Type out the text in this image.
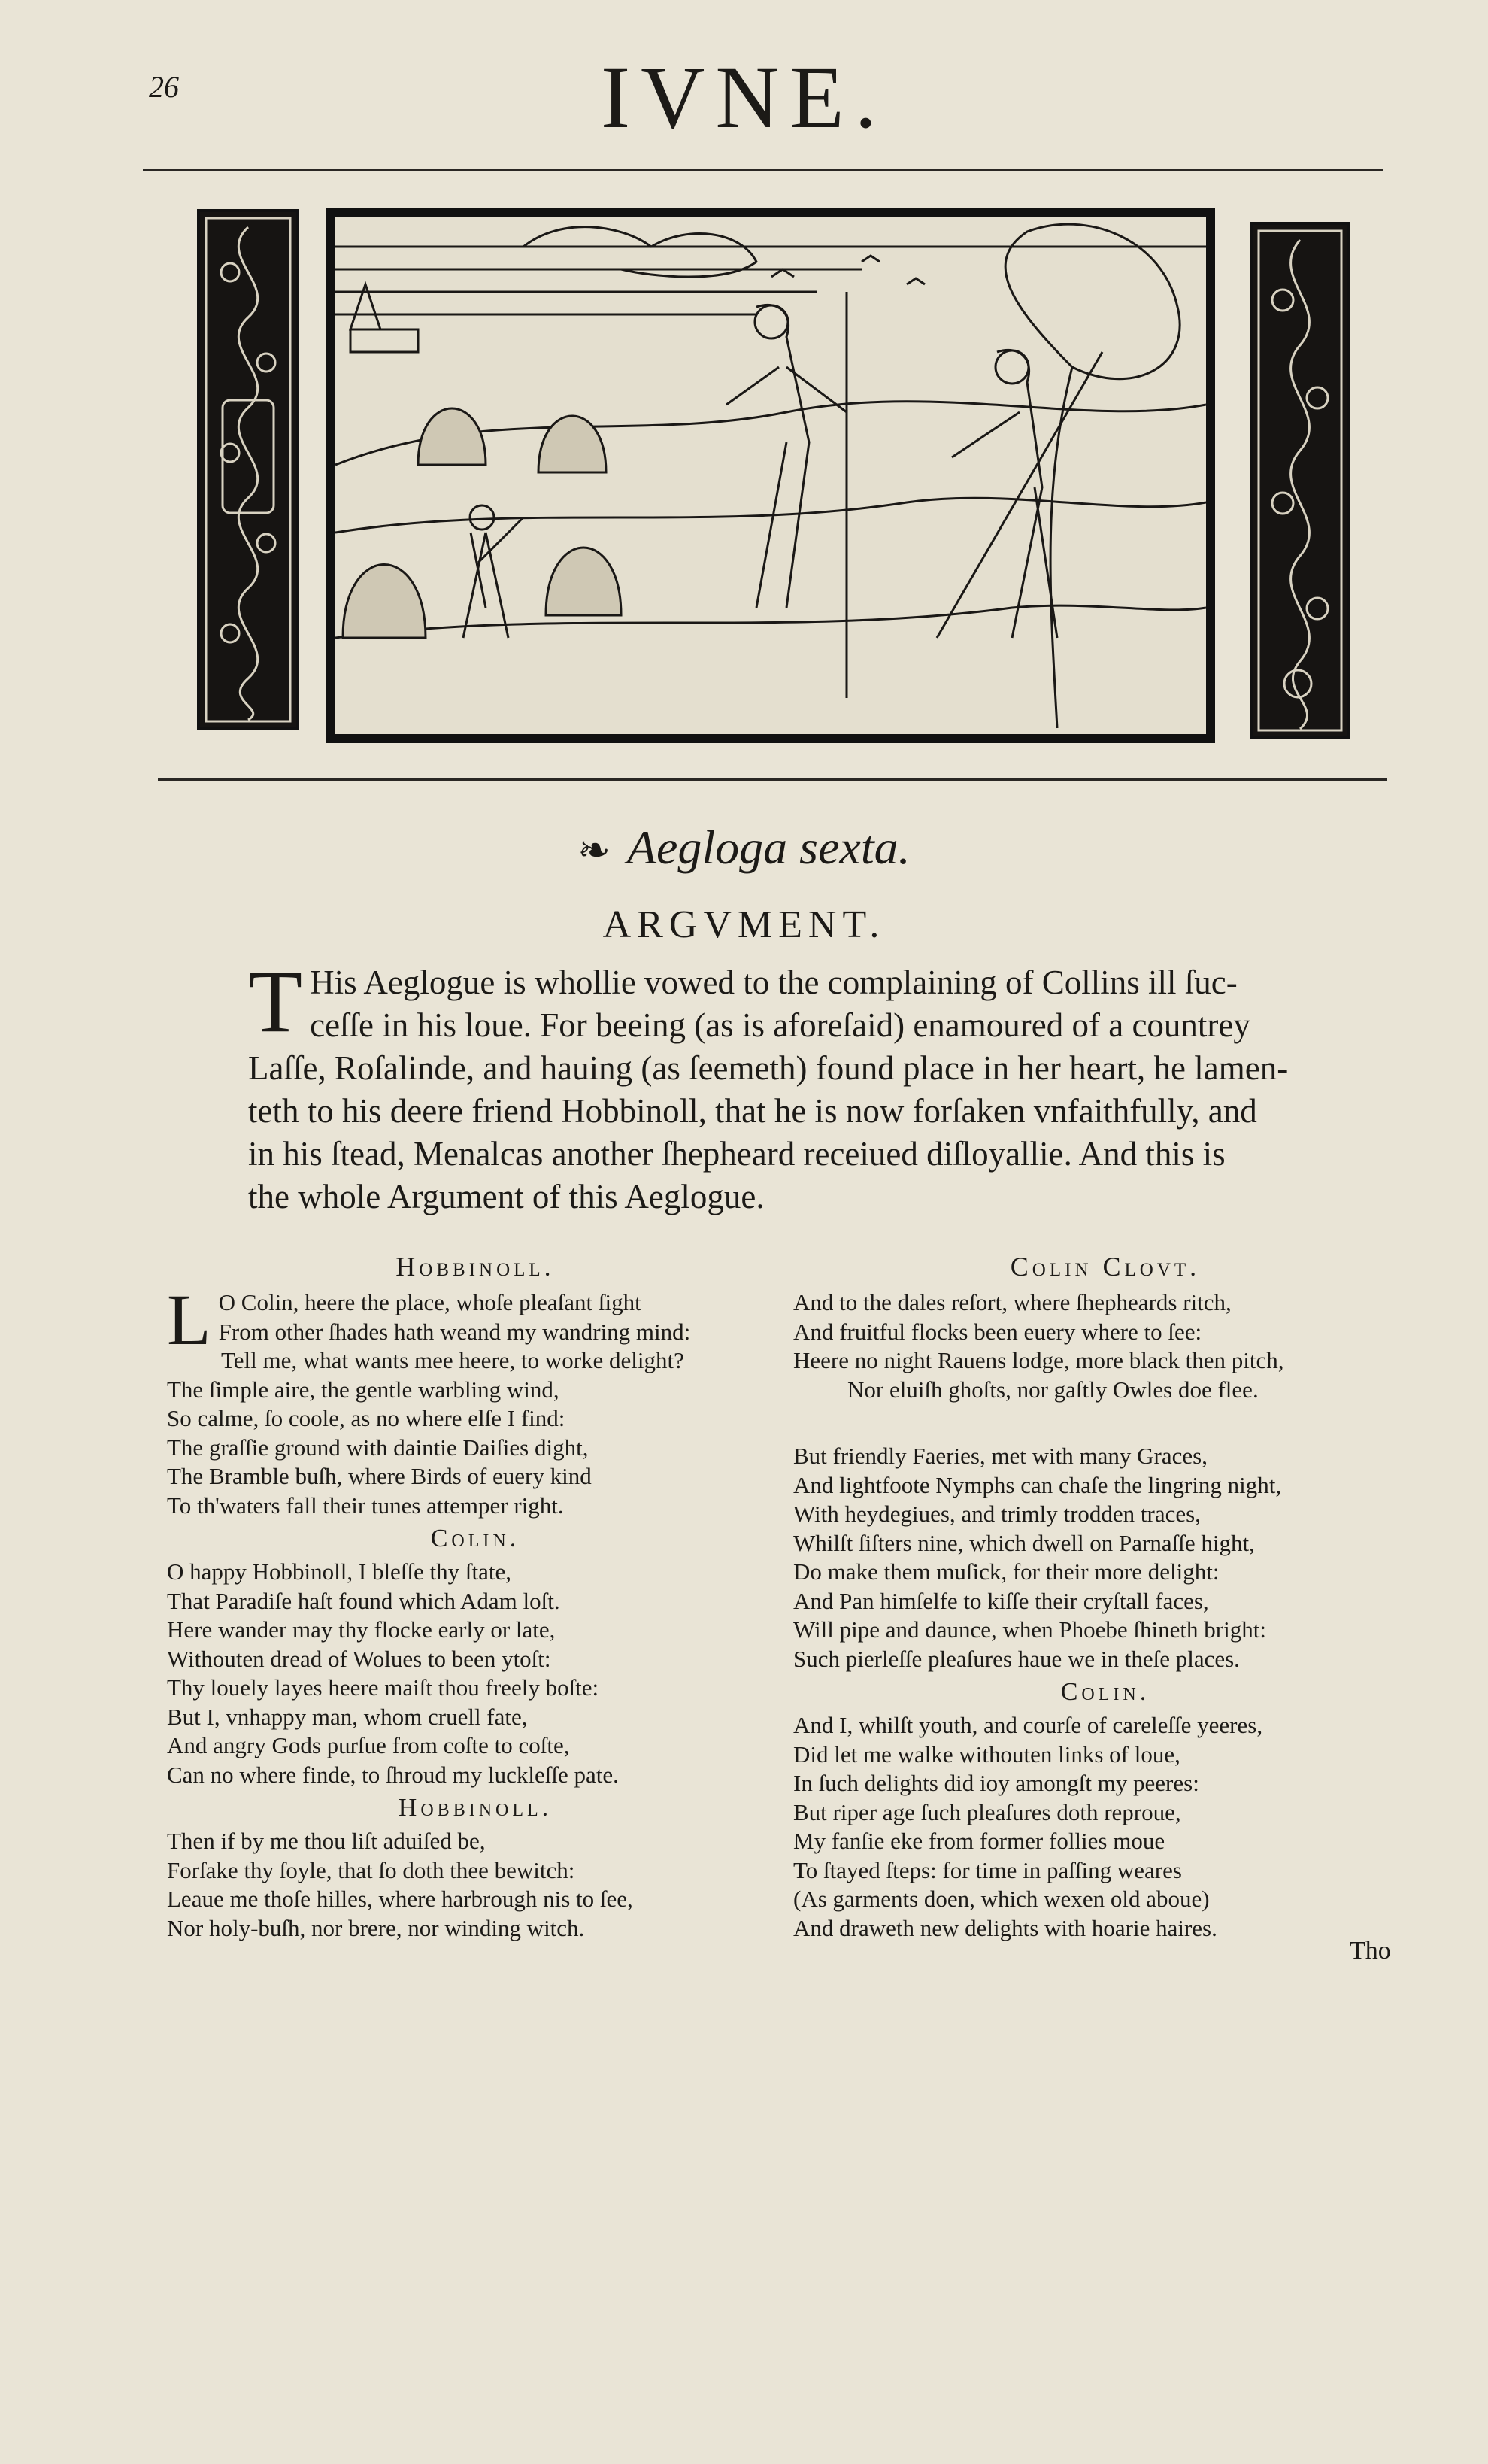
26	IVNE.
❧ Aegloga sexta.
ARGVMENT.
T His Aeglogue is whollie vowed to the complaining of Collins ill ſuc-
ceſſe in his loue. For beeing (as is aforeſaid) enamoured of a countrey
Laſſe, Roſalinde, and hauing (as ſeemeth) found place in her heart, he lamen-
teth to his deere friend Hobbinoll, that he is now forſaken vnfaithfully, and
in his ſtead, Menalcas another ſhepheard receiued diſloyallie. And this is
the whole Argument of this Aeglogue.
Hobbinoll.
L O Colin, heere the place, whoſe pleaſant ſight
From other ſhades hath weand my wandring mind:
Tell me, what wants mee heere, to worke delight?
The ſimple aire, the gentle warbling wind,
So calme, ſo coole, as no where elſe I find:
The graſſie ground with daintie Daiſies dight,
The Bramble buſh, where Birds of euery kind
To th'waters fall their tunes attemper right.
Colin.
O happy Hobbinoll, I bleſſe thy ſtate,
That Paradiſe haſt found which Adam loſt.
Here wander may thy flocke early or late,
Withouten dread of Wolues to been ytoſt:
Thy louely layes heere maiſt thou freely boſte:
But I, vnhappy man, whom cruell fate,
And angry Gods purſue from coſte to coſte,
Can no where finde, to ſhroud my luckleſſe pate.
Hobbinoll.
Then if by me thou liſt aduiſed be,
Forſake thy ſoyle, that ſo doth thee bewitch:
Leaue me thoſe hilles, where harbrough nis to ſee,
Nor holy-buſh, nor brere, nor winding witch.
Colin Clovt.
And to the dales reſort, where ſhepheards ritch,
And fruitful flocks been euery where to ſee:
Heere no night Rauens lodge, more black then pitch,
Nor eluiſh ghoſts, nor gaſtly Owles doe flee.
But friendly Faeries, met with many Graces,
And lightfoote Nymphs can chaſe the lingring night,
With heydegiues, and trimly trodden traces,
Whilſt ſiſters nine, which dwell on Parnaſſe hight,
Do make them muſick, for their more delight:
And Pan himſelfe to kiſſe their cryſtall faces,
Will pipe and daunce, when Phoebe ſhineth bright:
Such pierleſſe pleaſures haue we in theſe places.
Colin.
And I, whilſt youth, and courſe of careleſſe yeeres,
Did let me walke withouten links of loue,
In ſuch delights did ioy amongſt my peeres:
But riper age ſuch pleaſures doth reproue,
My fanſie eke from former follies moue
To ſtayed ſteps: for time in paſſing weares
(As garments doen, which wexen old aboue)
And draweth new delights with hoarie haires.
Tho
